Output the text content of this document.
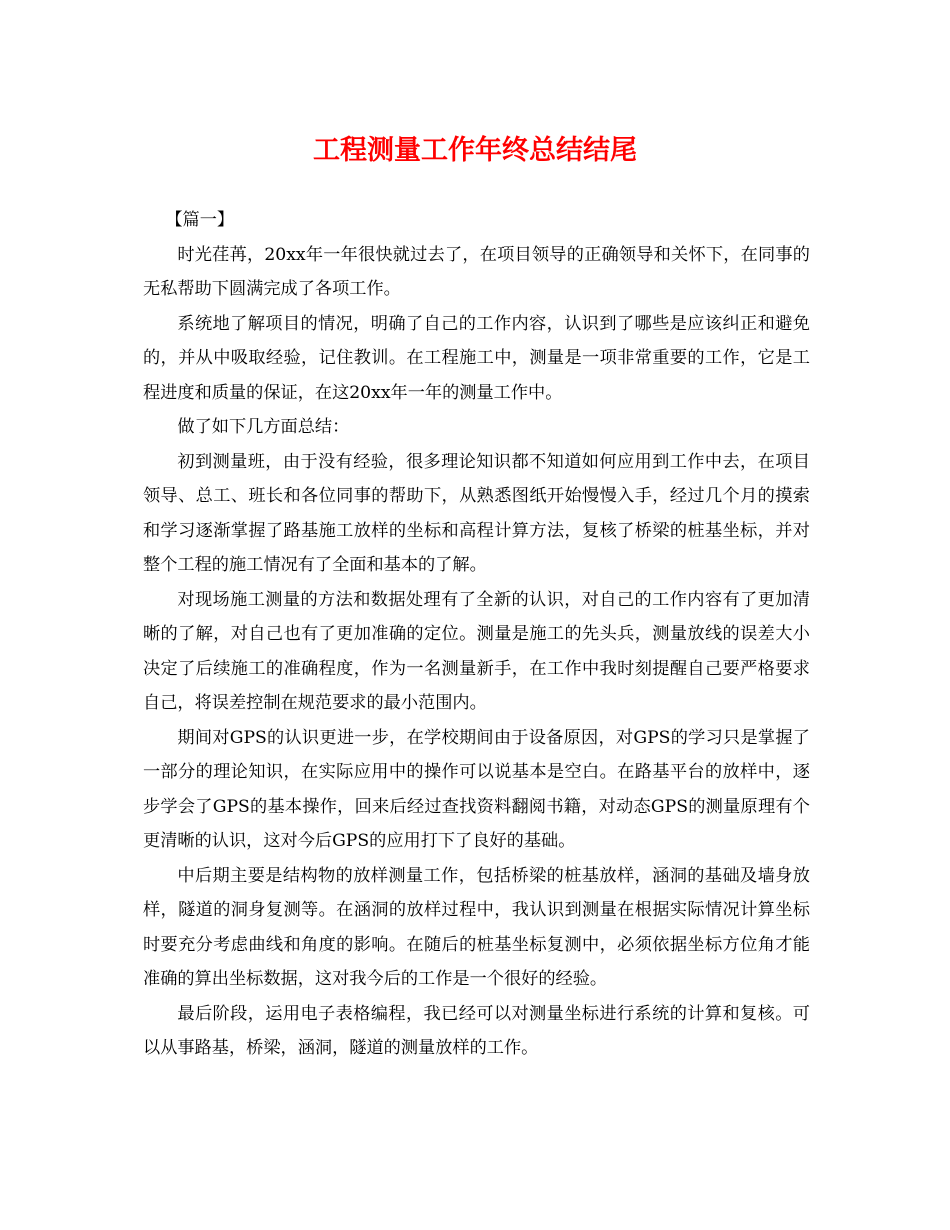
工程测量工作年终总结结尾
【篇一】

时光荏苒，20xx年一年很快就过去了，在项目领导的正确领导和关怀下，在同事的无私帮助下圆满完成了各项工作。

系统地了解项目的情况，明确了自己的工作内容，认识到了哪些是应该纠正和避免的，并从中吸取经验，记住教训。在工程施工中，测量是一项非常重要的工作，它是工程进度和质量的保证，在这20xx年一年的测量工作中。

做了如下几方面总结：

初到测量班，由于没有经验，很多理论知识都不知道如何应用到工作中去，在项目领导、总工、班长和各位同事的帮助下，从熟悉图纸开始慢慢入手，经过几个月的摸索和学习逐渐掌握了路基施工放样的坐标和高程计算方法，复核了桥梁的桩基坐标，并对整个工程的施工情况有了全面和基本的了解。

对现场施工测量的方法和数据处理有了全新的认识，对自己的工作内容有了更加清晰的了解，对自己也有了更加准确的定位。测量是施工的先头兵，测量放线的误差大小决定了后续施工的准确程度，作为一名测量新手，在工作中我时刻提醒自己要严格要求自己，将误差控制在规范要求的最小范围内。

期间对GPS的认识更进一步，在学校期间由于设备原因，对GPS的学习只是掌握了一部分的理论知识，在实际应用中的操作可以说基本是空白。在路基平台的放样中，逐步学会了GPS的基本操作，回来后经过查找资料翻阅书籍，对动态GPS的测量原理有个更清晰的认识，这对今后GPS的应用打下了良好的基础。

中后期主要是结构物的放样测量工作，包括桥梁的桩基放样，涵洞的基础及墙身放样，隧道的洞身复测等。在涵洞的放样过程中，我认识到测量在根据实际情况计算坐标时要充分考虑曲线和角度的影响。在随后的桩基坐标复测中，必须依据坐标方位角才能准确的算出坐标数据，这对我今后的工作是一个很好的经验。

最后阶段，运用电子表格编程，我已经可以对测量坐标进行系统的计算和复核。可以从事路基，桥梁，涵洞，隧道的测量放样的工作。
